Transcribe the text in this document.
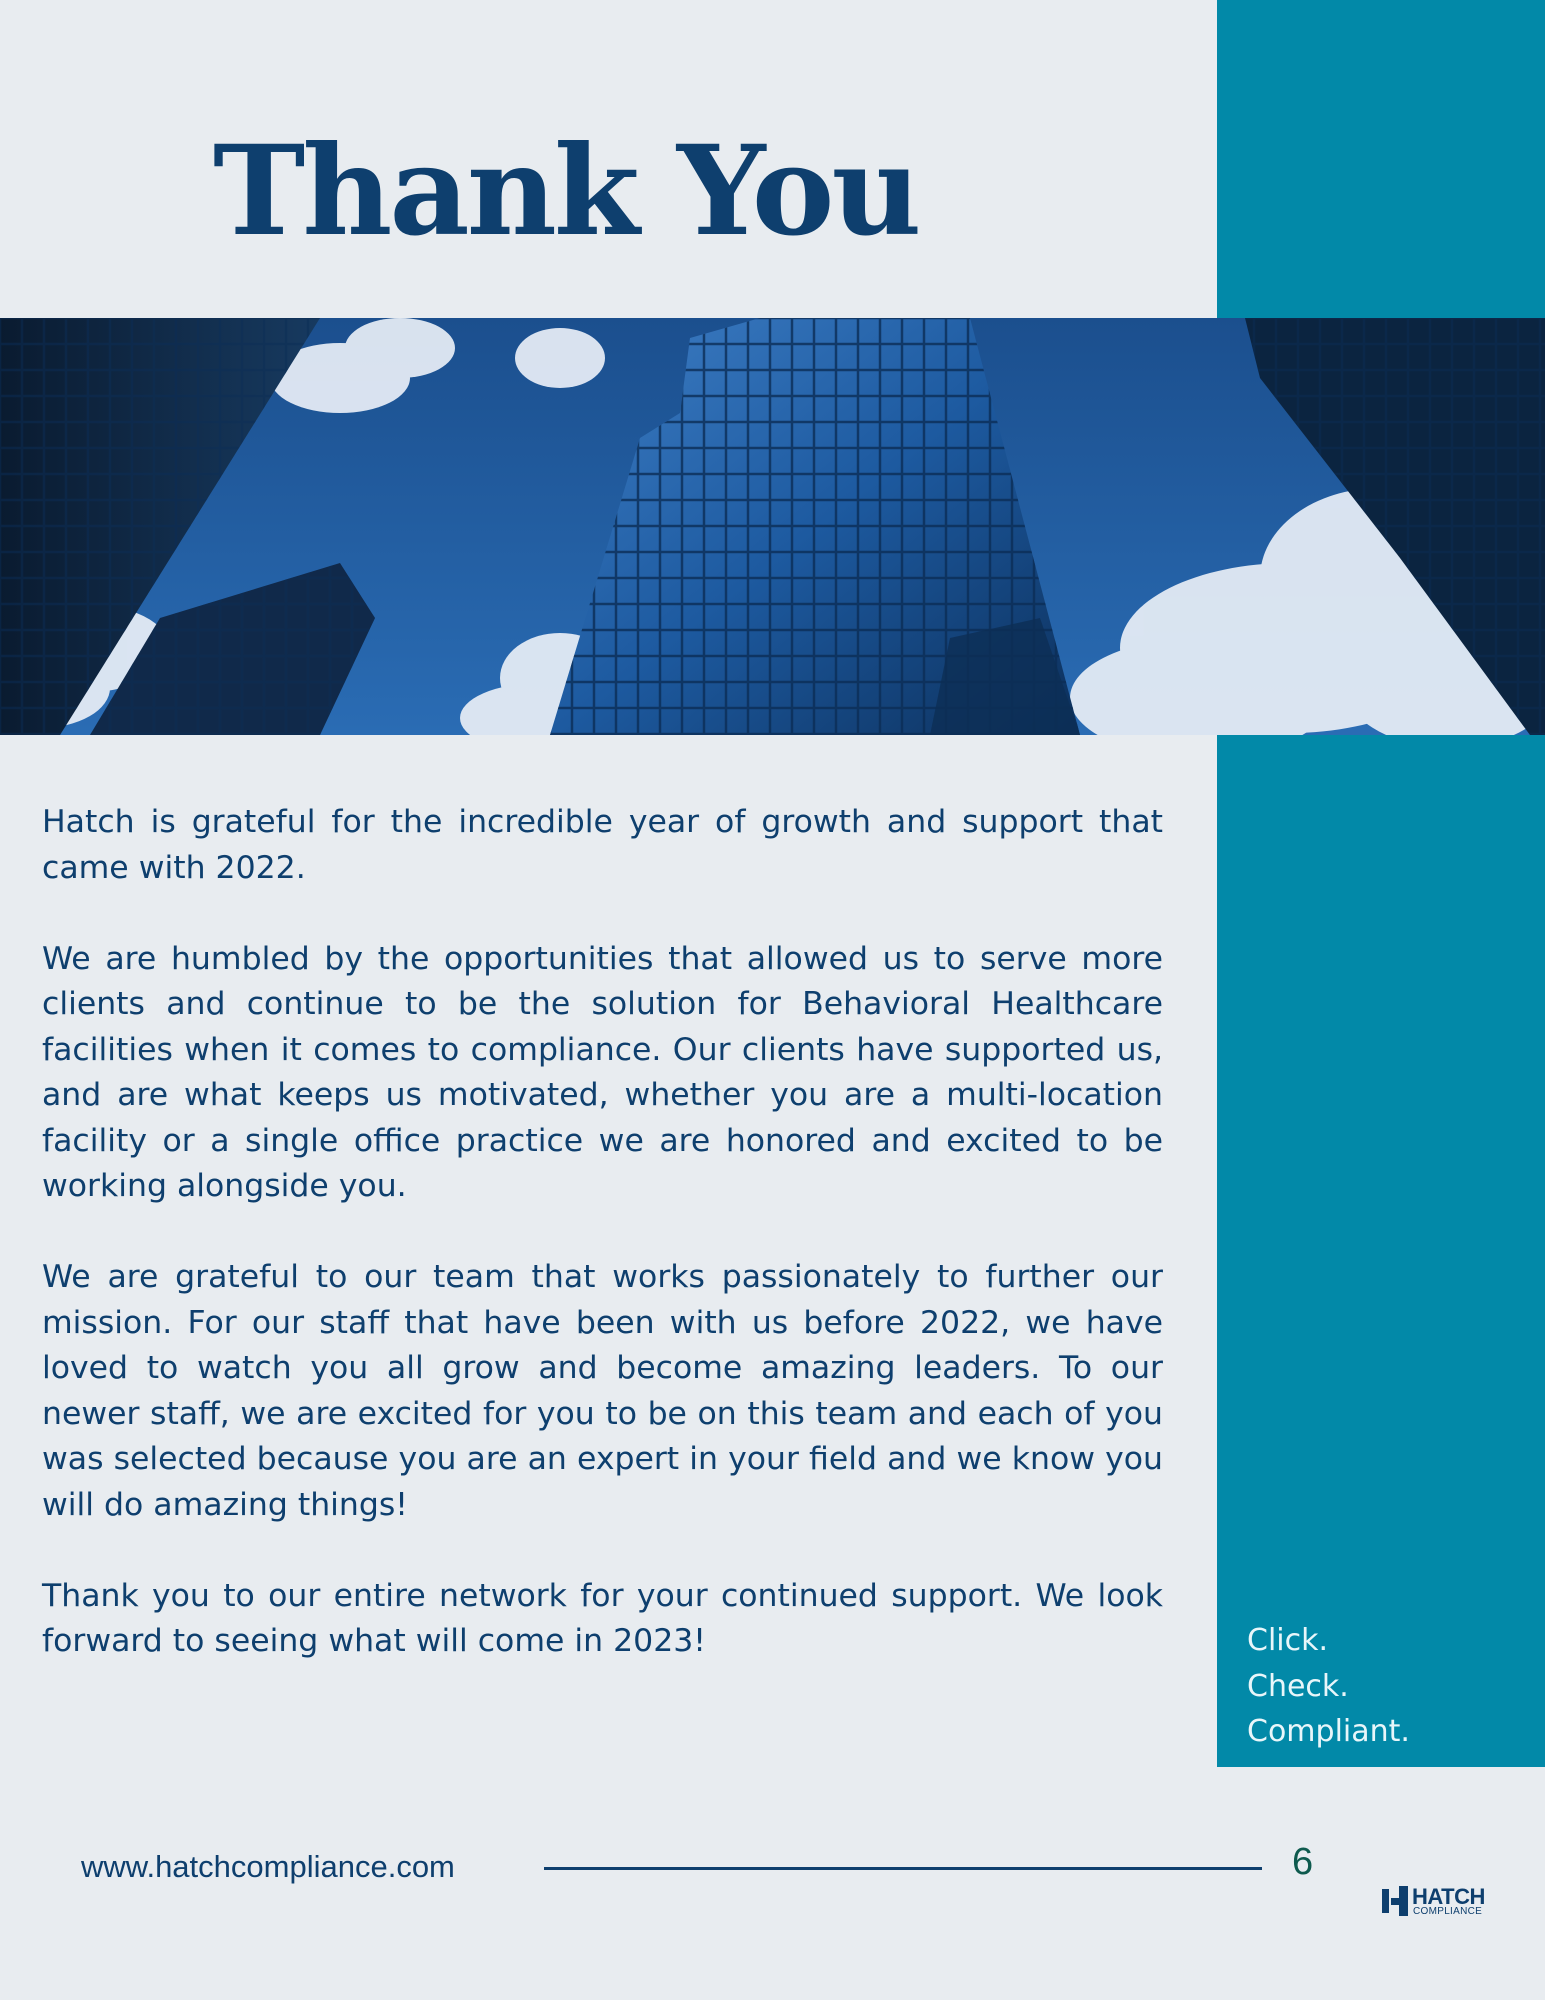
Thank You

Hatch is grateful for the incredible year of growth and support that came with 2022.

We are humbled by the opportunities that allowed us to serve more clients and continue to be the solution for Behavioral Healthcare facilities when it comes to compliance. Our clients have supported us, and are what keeps us motivated, whether you are a multi-location facility or a single office practice we are honored and excited to be working alongside you.

We are grateful to our team that works passionately to further our mission. For our staff that have been with us before 2022, we have loved to watch you all grow and become amazing leaders. To our newer staff, we are excited for you to be on this team and each of you was selected because you are an expert in your field and we know you will do amazing things!

Thank you to our entire network for your continued support. We look forward to seeing what will come in 2023!	Click.
Check.
Compliant.
www.hatchcompliance.com	6
HATCH
COMPLIANCE
